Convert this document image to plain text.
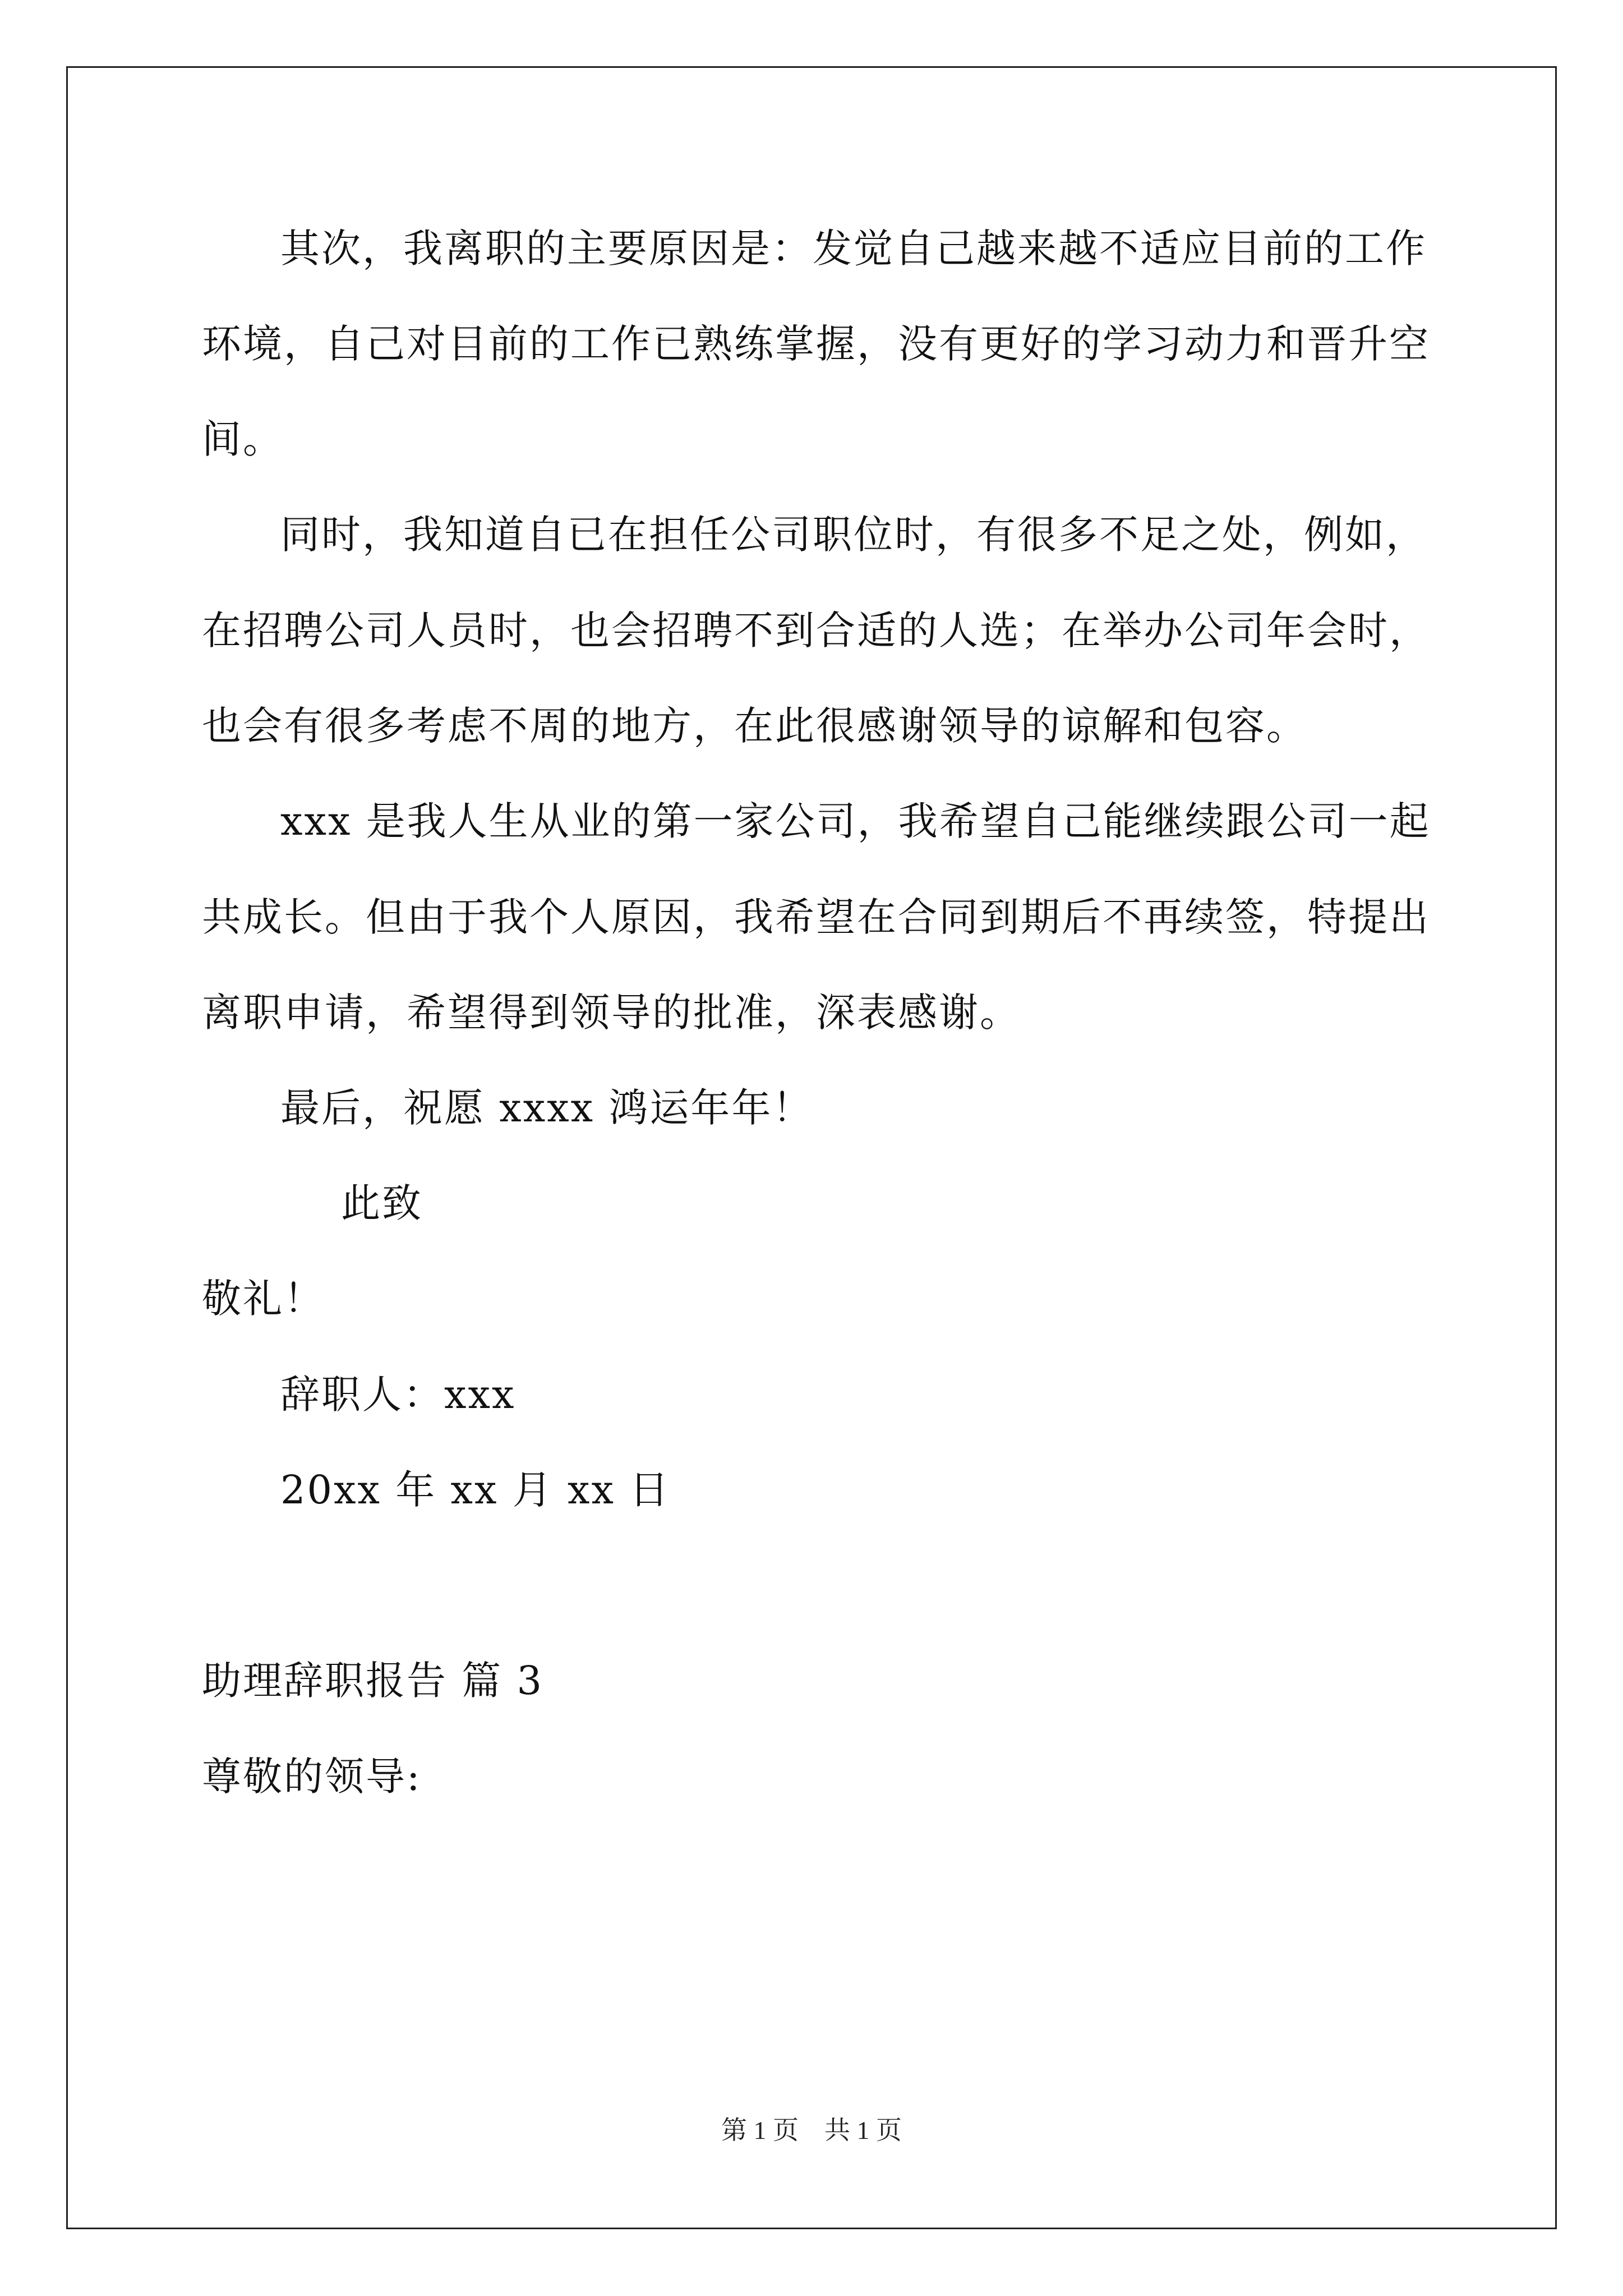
其次，我离职的主要原因是：发觉自己越来越不适应目前的工作
环境，自己对目前的工作已熟练掌握，没有更好的学习动力和晋升空
间。
同时，我知道自已在担任公司职位时，有很多不足之处，例如，
在招聘公司人员时，也会招聘不到合适的人选；在举办公司年会时，
也会有很多考虑不周的地方，在此很感谢领导的谅解和包容。
xxx 是我人生从业的第一家公司，我希望自己能继续跟公司一起
共成长。但由于我个人原因，我希望在合同到期后不再续签，特提出
离职申请，希望得到领导的批准，深表感谢。
最后，祝愿 xxxx 鸿运年年！
此致
敬礼！
辞职人：xxx
20xx 年 xx 月 xx 日
助理辞职报告 篇 3
尊敬的领导:
第 1 页　共 1 页
